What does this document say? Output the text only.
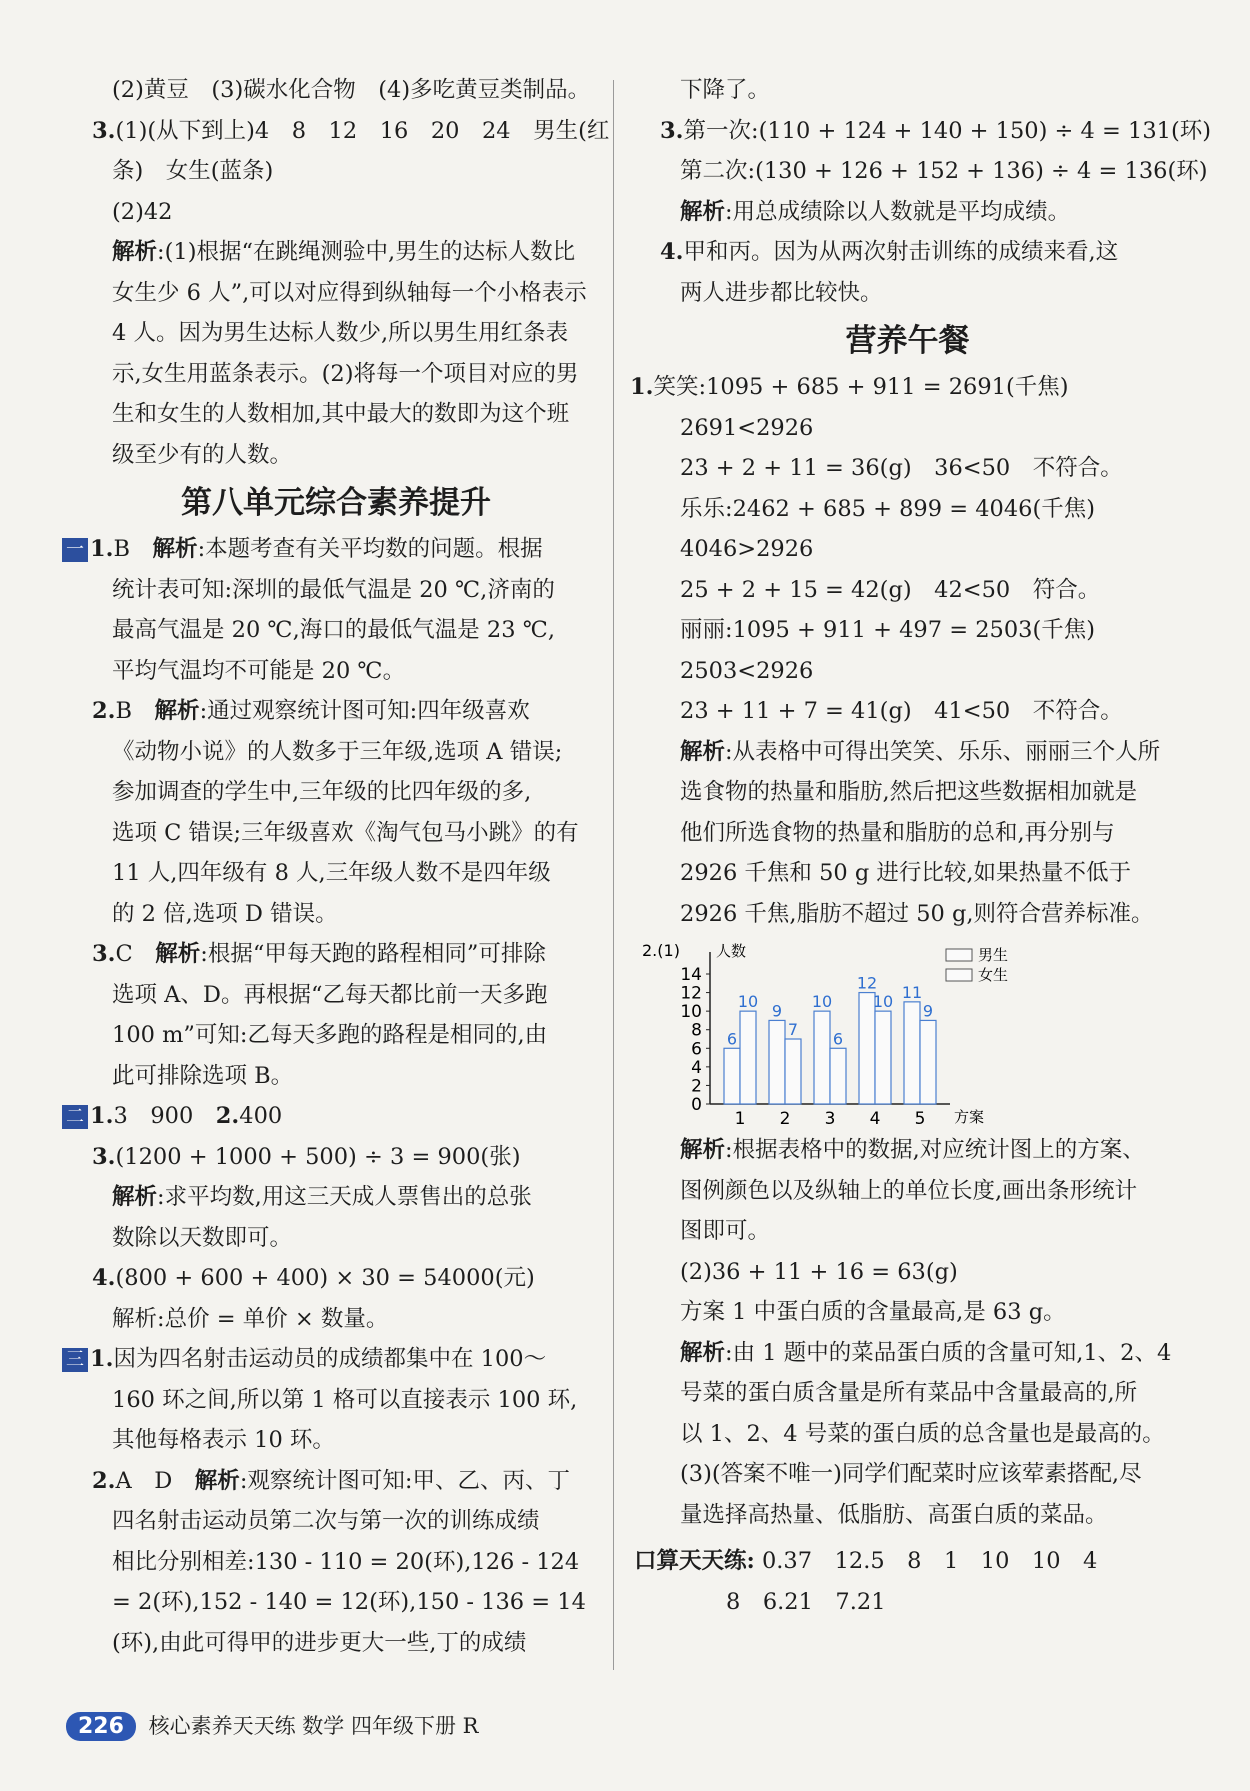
(2)黄豆　(3)碳水化合物　(4)多吃黄豆类制品。

3.(1)(从下到上)4　8　12　16　20　24　男生(红

条)　女生(蓝条)

(2)42

解析:(1)根据“在跳绳测验中,男生的达标人数比

女生少 6 人”,可以对应得到纵轴每一个小格表示

4 人。因为男生达标人数少,所以男生用红条表

示,女生用蓝条表示。(2)将每一个项目对应的男

生和女生的人数相加,其中最大的数即为这个班

级至少有的人数。

第八单元综合素养提升

一 1.B　解析:本题考查有关平均数的问题。根据

统计表可知:深圳的最低气温是 20 ℃,济南的

最高气温是 20 ℃,海口的最低气温是 23 ℃,

平均气温均不可能是 20 ℃。

2.B　解析:通过观察统计图可知:四年级喜欢

《动物小说》的人数多于三年级,选项 A 错误;

参加调查的学生中,三年级的比四年级的多,

选项 C 错误;三年级喜欢《淘气包马小跳》的有

11 人,四年级有 8 人,三年级人数不是四年级

的 2 倍,选项 D 错误。

3.C　解析:根据“甲每天跑的路程相同”可排除

选项 A、D。再根据“乙每天都比前一天多跑

100 m”可知:乙每天多跑的路程是相同的,由

此可排除选项 B。

二 1.3　900　2.400

3.(1200 + 1000 + 500) ÷ 3 = 900(张)

解析:求平均数,用这三天成人票售出的总张

数除以天数即可。

4.(800 + 600 + 400) × 30 = 54000(元)

解析:总价 = 单价 × 数量。

三 1.因为四名射击运动员的成绩都集中在 100～

160 环之间,所以第 1 格可以直接表示 100 环,

其他每格表示 10 环。

2.A　D　解析:观察统计图可知:甲、乙、丙、丁

四名射击运动员第二次与第一次的训练成绩

相比分别相差:130 - 110 = 20(环),126 - 124

= 2(环),152 - 140 = 12(环),150 - 136 = 14

(环),由此可得甲的进步更大一些,丁的成绩

下降了。

3.第一次:(110 + 124 + 140 + 150) ÷ 4 = 131(环)

第二次:(130 + 126 + 152 + 136) ÷ 4 = 136(环)

解析:用总成绩除以人数就是平均成绩。

4.甲和丙。因为从两次射击训练的成绩来看,这

两人进步都比较快。

营养午餐

1.笑笑:1095 + 685 + 911 = 2691(千焦)

2691<2926

23 + 2 + 11 = 36(g)　36<50　不符合。

乐乐:2462 + 685 + 899 = 4046(千焦)

4046>2926

25 + 2 + 15 = 42(g)　42<50　符合。

丽丽:1095 + 911 + 497 = 2503(千焦)

2503<2926

23 + 11 + 7 = 41(g)　41<50　不符合。

解析:从表格中可得出笑笑、乐乐、丽丽三个人所

选食物的热量和脂肪,然后把这些数据相加就是

他们所选食物的热量和脂肪的总和,再分别与

2926 千焦和 50 g 进行比较,如果热量不低于

2926 千焦,脂肪不超过 50 g,则符合营养标准。

2.(1) 人数
方案
0
2
4
6
8
10
12
14
1
6
10
2
9
7
3
10
6
4
12
10
5
11
9
男生
女生

解析:根据表格中的数据,对应统计图上的方案、

图例颜色以及纵轴上的单位长度,画出条形统计

图即可。

(2)36 + 11 + 16 = 63(g)

方案 1 中蛋白质的含量最高,是 63 g。

解析:由 1 题中的菜品蛋白质的含量可知,1、2、4

号菜的蛋白质含量是所有菜品中含量最高的,所

以 1、2、4 号菜的蛋白质的总含量也是最高的。

(3)(答案不唯一)同学们配菜时应该荤素搭配,尽

量选择高热量、低脂肪、高蛋白质的菜品。

口算天天练: 0.37　12.5　8　1　10　10　4

8　6.21　7.21

226 核心素养天天练 数学 四年级下册 R
